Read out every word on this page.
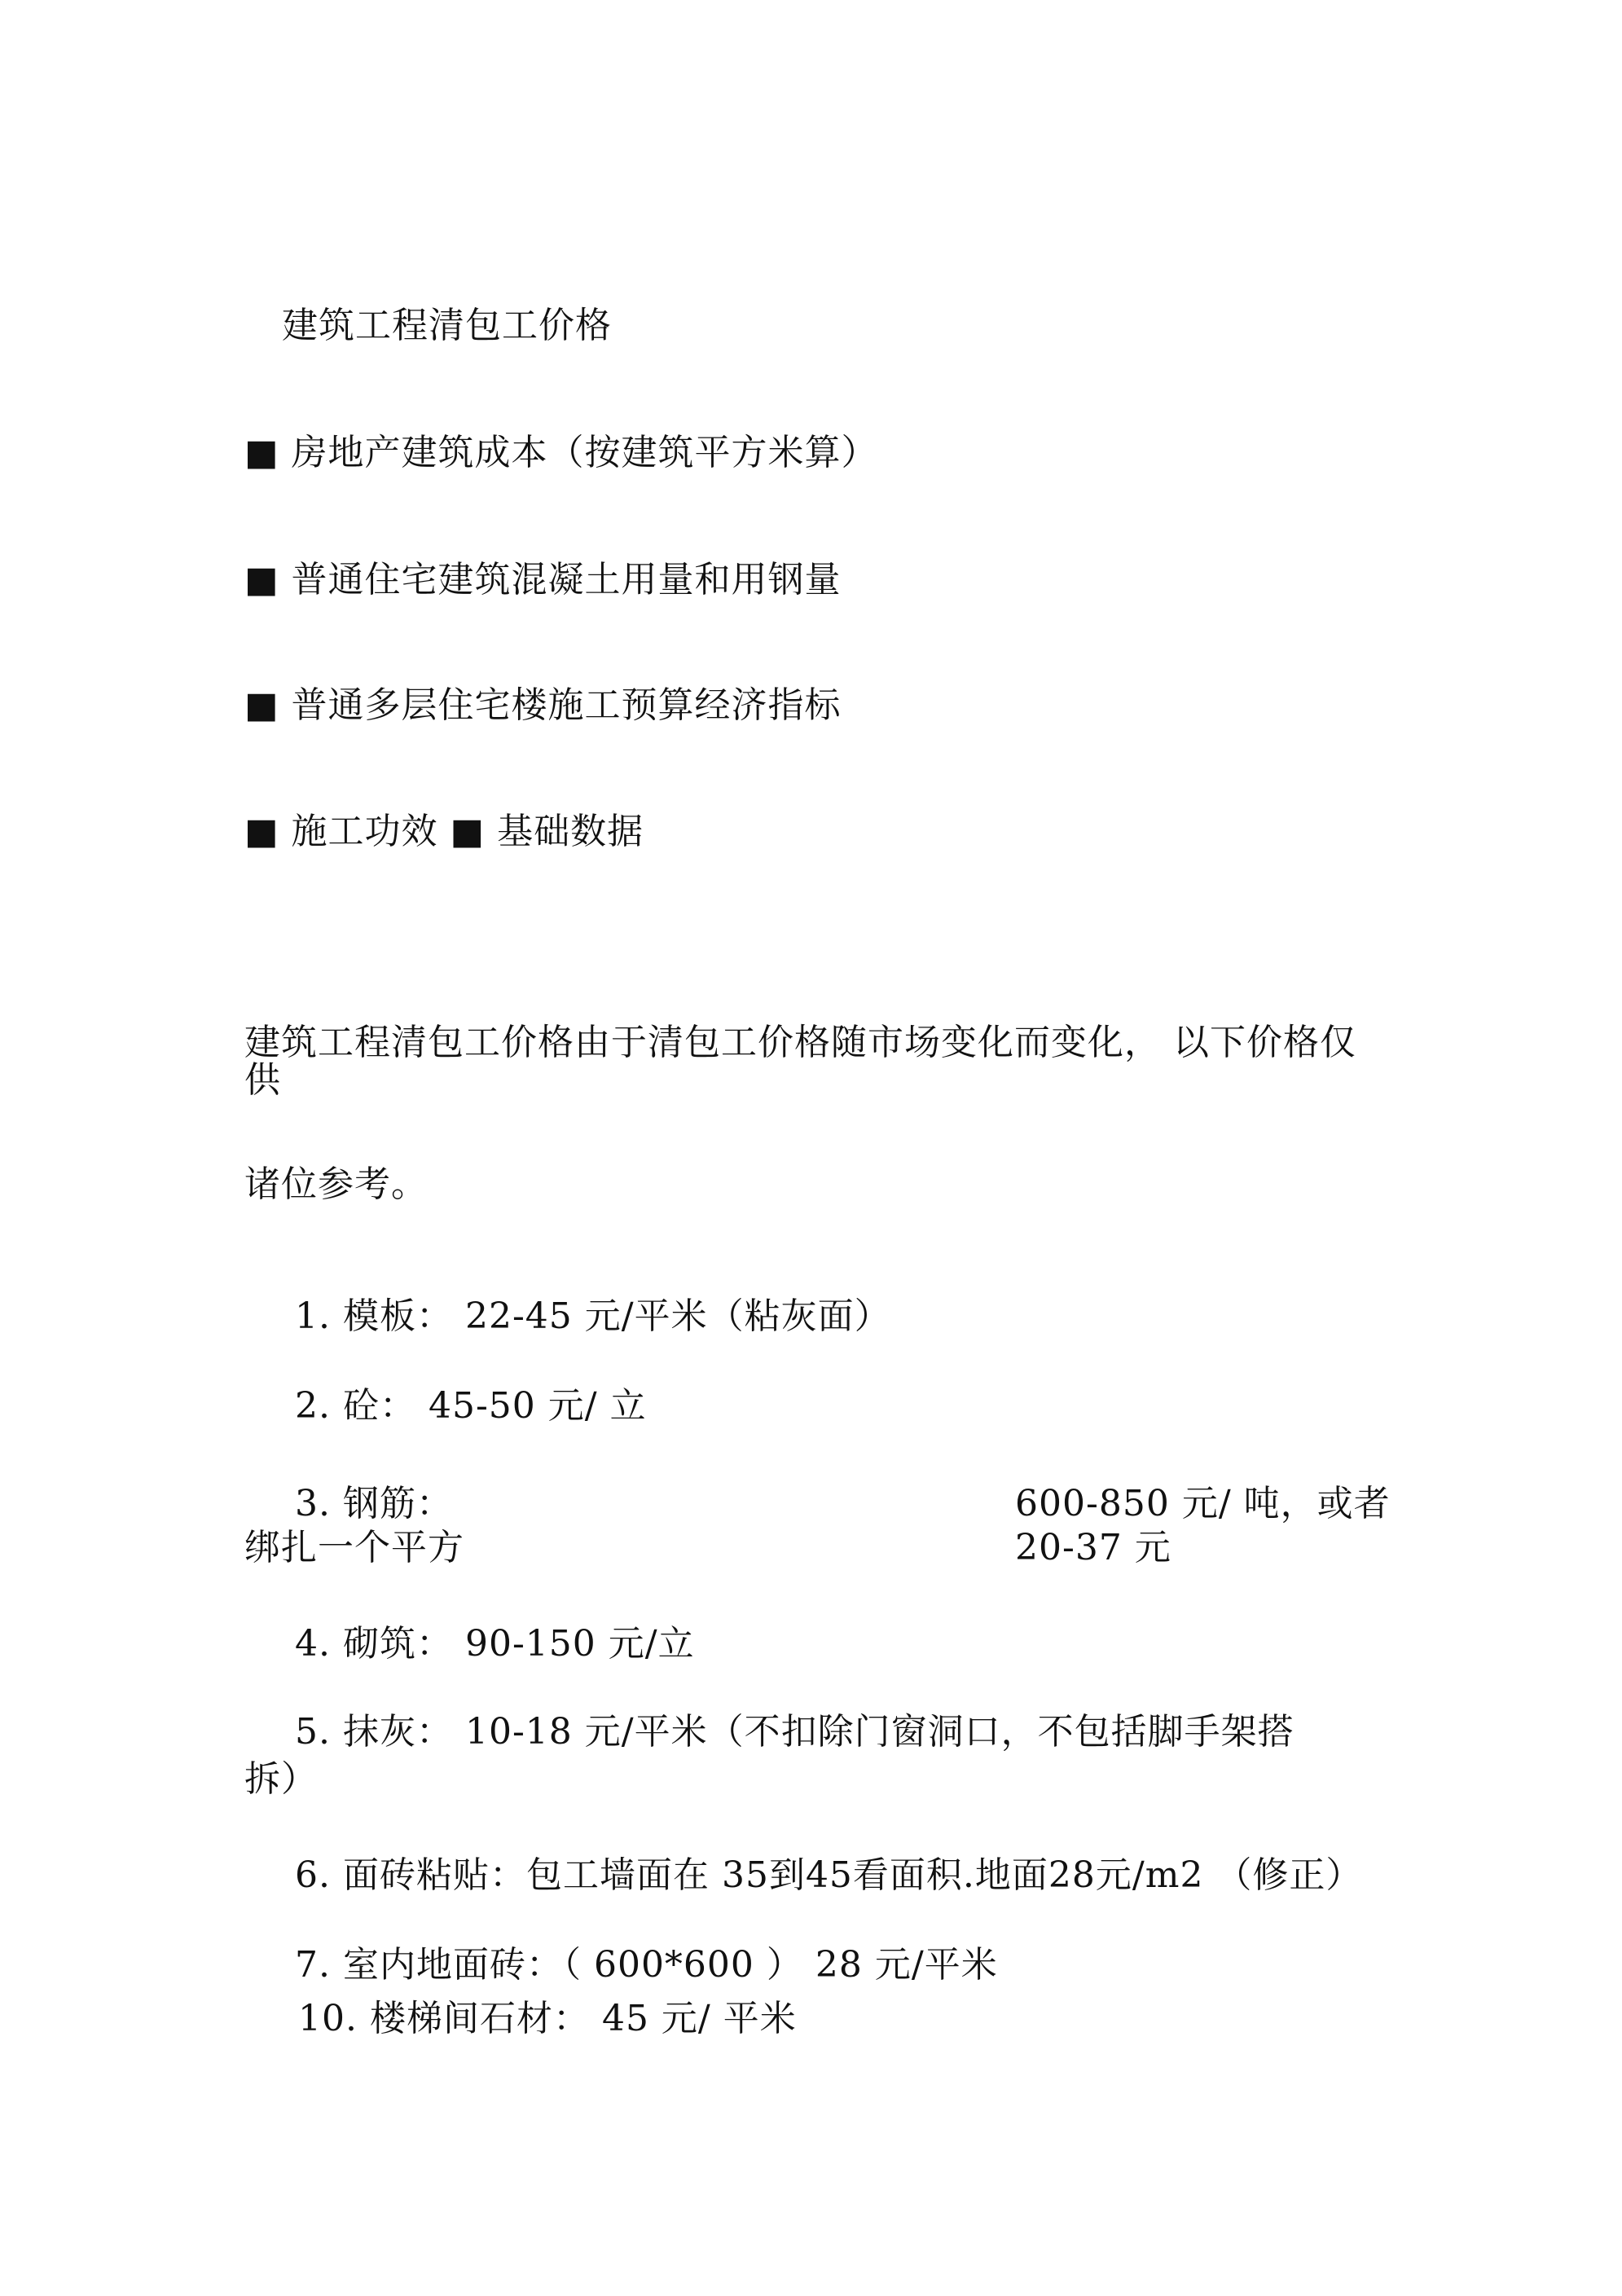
建筑工程清包工价格

■ 房地产建筑成本（按建筑平方米算）

■ 普通住宅建筑混凝土用量和用钢量

■ 普通多层住宅楼施工预算经济指标

■ 施工功效 ■ 基础数据

建筑工程清包工价格由于清包工价格随市场变化而变化， 以下价格仅

供

诸位参考。

1. 模板： 22-45 元/平米（粘灰面）

2. 砼： 45-50 元/ 立

3. 钢筋：	600-850 元/ 吨，或者

绑扎一个平方	20-37 元

4. 砌筑： 90-150 元/立

5. 抹灰： 10-18 元/平米（不扣除门窗洞口，不包括脚手架搭

拆）

6. 面砖粘贴：包工墙面在 35到45看面积.地面28元/m2 （修正）

7. 室内地面砖：（ 600*600 ） 28 元/平米

10. 楼梯间石材： 45 元/ 平米
